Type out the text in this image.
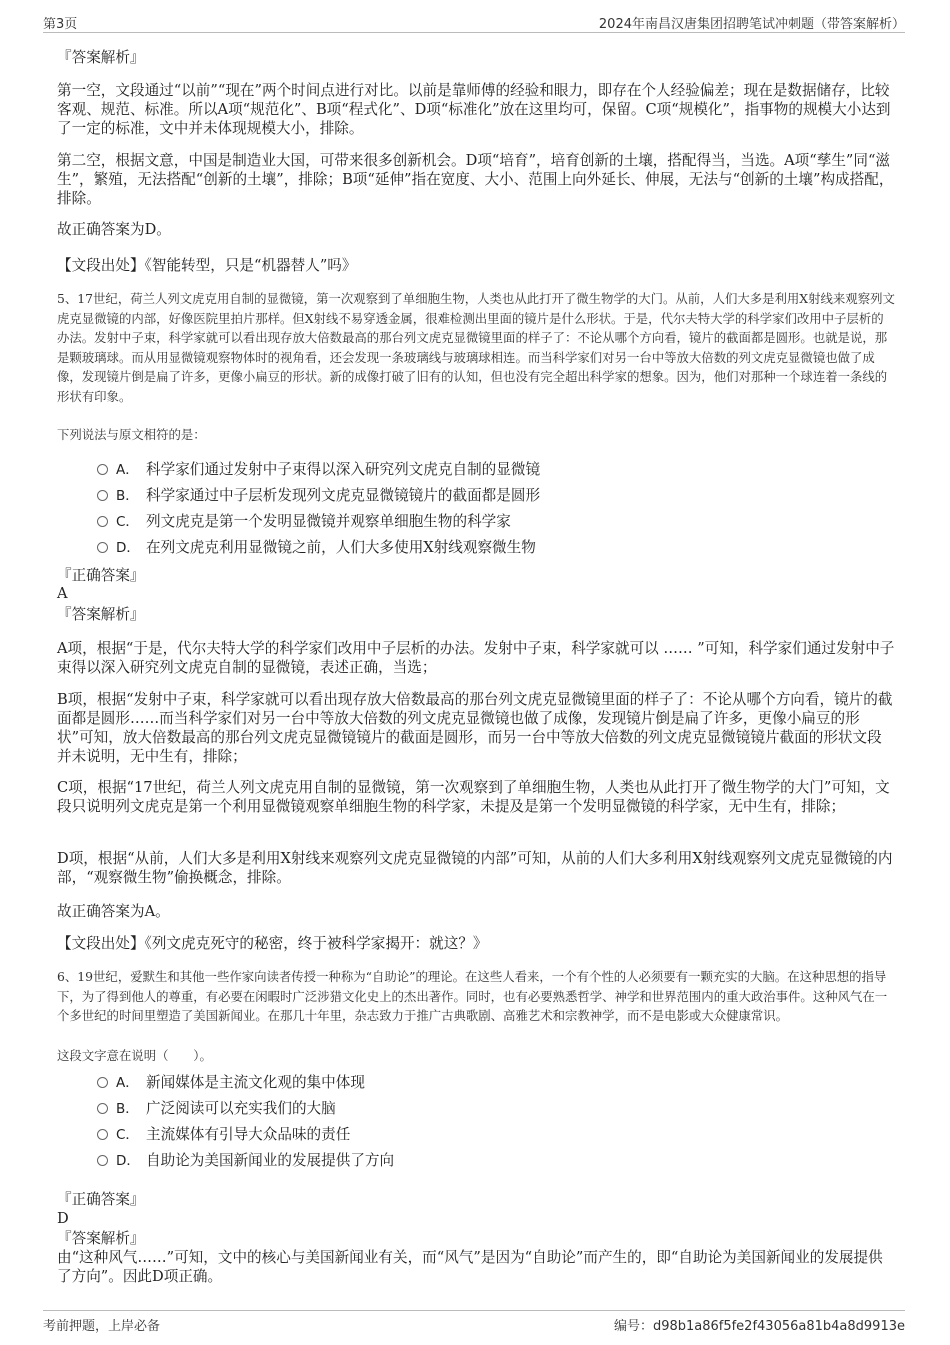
第3页	2024年南昌汉唐集团招聘笔试冲刺题（带答案解析）

『答案解析』

第一空，文段通过“以前”“现在”两个时间点进行对比。以前是靠师傅的经验和眼力，即存在个人经验偏差；现在是数据储存，比较客观、规范、标准。所以A项“规范化”、B项“程式化”、D项“标准化”放在这里均可，保留。C项“规模化”，指事物的规模大小达到了一定的标准，文中并未体现规模大小，排除。

第二空，根据文意，中国是制造业大国，可带来很多创新机会。D项“培育”，培育创新的土壤，搭配得当，当选。A项“孳生”同“滋生”，繁殖，无法搭配“创新的土壤”，排除；B项“延伸”指在宽度、大小、范围上向外延长、伸展，无法与“创新的土壤”构成搭配，排除。

故正确答案为D。

【文段出处】《智能转型，只是“机器替人”吗》

5、17世纪，荷兰人列文虎克用自制的显微镜，第一次观察到了单细胞生物，人类也从此打开了微生物学的大门。从前，人们大多是利用X射线来观察列文虎克显微镜的内部，好像医院里拍片那样。但X射线不易穿透金属，很难检测出里面的镜片是什么形状。于是，代尔夫特大学的科学家们改用中子层析的办法。发射中子束，科学家就可以看出现存放大倍数最高的那台列文虎克显微镜里面的样子了：不论从哪个方向看，镜片的截面都是圆形。也就是说，那是颗玻璃球。而从用显微镜观察物体时的视角看，还会发现一条玻璃线与玻璃球相连。而当科学家们对另一台中等放大倍数的列文虎克显微镜也做了成像，发现镜片倒是扁了许多，更像小扁豆的形状。新的成像打破了旧有的认知，但也没有完全超出科学家的想象。因为，他们对那种一个球连着一条线的形状有印象。

下列说法与原文相符的是：

A． 科学家们通过发射中子束得以深入研究列文虎克自制的显微镜
B． 科学家通过中子层析发现列文虎克显微镜镜片的截面都是圆形
C． 列文虎克是第一个发明显微镜并观察单细胞生物的科学家
D． 在列文虎克利用显微镜之前，人们大多使用X射线观察微生物

『正确答案』

A

『答案解析』

A项，根据“于是，代尔夫特大学的科学家们改用中子层析的办法。发射中子束，科学家就可以 …… ”可知，科学家们通过发射中子束得以深入研究列文虎克自制的显微镜，表述正确，当选；

B项，根据“发射中子束，科学家就可以看出现存放大倍数最高的那台列文虎克显微镜里面的样子了：不论从哪个方向看，镜片的截面都是圆形……而当科学家们对另一台中等放大倍数的列文虎克显微镜也做了成像，发现镜片倒是扁了许多，更像小扁豆的形状”可知，放大倍数最高的那台列文虎克显微镜镜片的截面是圆形，而另一台中等放大倍数的列文虎克显微镜镜片截面的形状文段并未说明，无中生有，排除；

C项，根据“17世纪，荷兰人列文虎克用自制的显微镜，第一次观察到了单细胞生物，人类也从此打开了微生物学的大门”可知，文段只说明列文虎克是第一个利用显微镜观察单细胞生物的科学家，未提及是第一个发明显微镜的科学家，无中生有，排除；

D项，根据“从前，人们大多是利用X射线来观察列文虎克显微镜的内部”可知，从前的人们大多利用X射线观察列文虎克显微镜的内部，“观察微生物”偷换概念，排除。

故正确答案为A。

【文段出处】《列文虎克死守的秘密，终于被科学家揭开：就这？》

6、19世纪，爱默生和其他一些作家向读者传授一种称为“自助论”的理论。在这些人看来，一个有个性的人必须要有一颗充实的大脑。在这种思想的指导下，为了得到他人的尊重，有必要在闲暇时广泛涉猎文化史上的杰出著作。同时，也有必要熟悉哲学、神学和世界范围内的重大政治事件。这种风气在一个多世纪的时间里塑造了美国新闻业。在那几十年里，杂志致力于推广古典歌剧、高雅艺术和宗教神学，而不是电影或大众健康常识。

这段文字意在说明（　　）。

A． 新闻媒体是主流文化观的集中体现
B． 广泛阅读可以充实我们的大脑
C． 主流媒体有引导大众品味的责任
D． 自助论为美国新闻业的发展提供了方向

『正确答案』

D

『答案解析』

由“这种风气……”可知，文中的核心与美国新闻业有关，而“风气”是因为“自助论”而产生的，即“自助论为美国新闻业的发展提供了方向”。因此D项正确。

考前押题，上岸必备	编号：d98b1a86f5fe2f43056a81b4a8d9913e
